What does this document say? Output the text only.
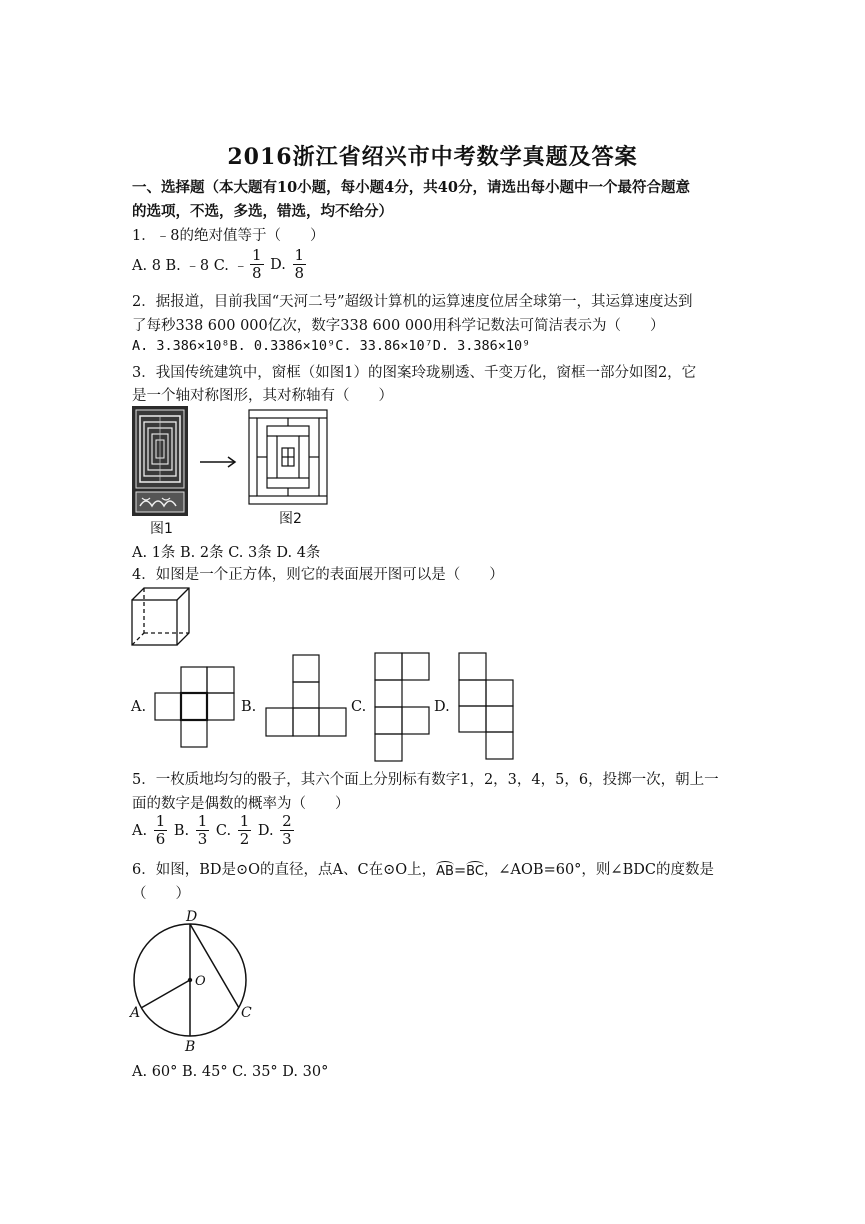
2016浙江省绍兴市中考数学真题及答案
一、选择题（本大题有10小题，每小题4分，共40分，请选出每小题中一个最符合题意
的选项，不选，多选，错选，均不给分）
1．﹣8的绝对值等于（　　）
A. 8 B. ﹣8 C. ﹣ $\frac{1}{8} D$. $\frac{1}{8}$
2．据报道，目前我国“天河二号”超级计算机的运算速度位居全球第一，其运算速度达到
了每秒338 600 000亿次，数字338 600 000用科学记数法可简洁表示为（　　）
A. 3.386×10⁸B. 0.3386×10⁹C. 33.86×10⁷D. 3.386×10⁹
3．我国传统建筑中，窗框（如图1）的图案玲珑剔透、千变万化，窗框一部分如图2，它
是一个轴对称图形，其对称轴有（　　）
图1
图2
A. 1条 B. 2条 C. 3条 D. 4条
4．如图是一个正方体，则它的表面展开图可以是（　　）
A.	B.	C.	D.
5．一枚质地均匀的骰子，其六个面上分别标有数字1，2，3，4，5，6，投掷一次，朝上一
面的数字是偶数的概率为（　　）
A. $\frac{1}{6} B$. $\frac{1}{3} C$. $\frac{1}{2} D$. $\frac{2}{3}$
6．如图，BD是⊙O的直径，点A、C在⊙O上， AB = BC ，∠AOB=60°，则∠BDC的度数是
（　　）
D
O
A	C
B
A. 60° B. 45° C. 35° D. 30°
